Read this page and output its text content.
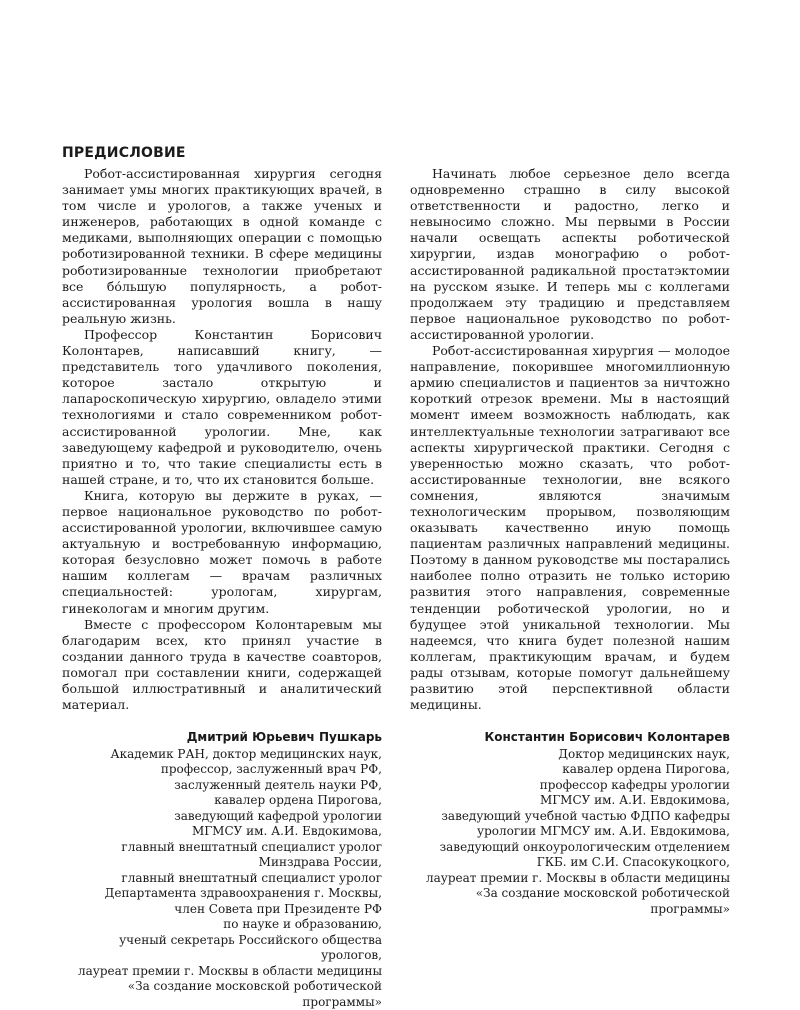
ПРЕДИСЛОВИЕ

Робот-ассистированная хирургия сегодня занимает умы многих практикующих врачей, в том числе и урологов, а также ученых и инженеров, работающих в одной команде с медиками, выполняющих операции с помощью роботизированной техники. В сфере медицины роботизированные технологии приобретают все бо́льшую популярность, а робот-ассистированная урология вошла в нашу реальную жизнь.

Профессор Константин Борисович Колонтарев, написавший книгу, — представитель того удачливого поколения, которое застало открытую и лапароскопическую хирургию, овладело этими технологиями и стало современником робот-ассистированной урологии. Мне, как заведующему кафедрой и руководителю, очень приятно и то, что такие специалисты есть в нашей стране, и то, что их становится больше.

Книга, которую вы держите в руках, — первое национальное руководство по робот-ассистированной урологии, включившее самую актуальную и востребованную информацию, которая безусловно может помочь в работе нашим коллегам — врачам различных специальностей: урологам, хирургам, гинекологам и многим другим.

Вместе с профессором Колонтаревым мы благодарим всех, кто принял участие в создании данного труда в качестве соавторов, помогал при составлении книги, содержащей большой иллюстративный и аналитический материал.

Дмитрий Юрьевич Пушкарь
Академик РАН, доктор медицинских наук,
профессор, заслуженный врач РФ,
заслуженный деятель науки РФ,
кавалер ордена Пирогова,
заведующий кафедрой урологии
МГМСУ им. А.И. Евдокимова,
главный внештатный специалист уролог
Минздрава России,
главный внештатный специалист уролог
Департамента здравоохранения г. Москвы,
член Совета при Президенте РФ
по науке и образованию,
ученый секретарь Российского общества урологов,
лауреат премии г. Москвы в области медицины
«За создание московской роботической программы»

Начинать любое серьезное дело всегда одновременно страшно в силу высокой ответственности и радостно, легко и невыносимо сложно. Мы первыми в России начали освещать аспекты роботической хирургии, издав монографию о робот-ассистированной радикальной простатэктомии на русском языке. И теперь мы с коллегами продолжаем эту традицию и представляем первое национальное руководство по робот-ассистированной урологии.

Робот-ассистированная хирургия — молодое направление, покорившее многомиллионную армию специалистов и пациентов за ничтожно короткий отрезок времени. Мы в настоящий момент имеем возможность наблюдать, как интеллектуальные технологии затрагивают все аспекты хирургической практики. Сегодня с уверенностью можно сказать, что робот-ассистированные технологии, вне всякого сомнения, являются значимым технологическим прорывом, позволяющим оказывать качественно иную помощь пациентам различных направлений медицины. Поэтому в данном руководстве мы постарались наиболее полно отразить не только историю развития этого направления, современные тенденции роботической урологии, но и будущее этой уникальной технологии. Мы надеемся, что книга будет полезной нашим коллегам, практикующим врачам, и будем рады отзывам, которые помогут дальнейшему развитию этой перспективной области медицины.

Константин Борисович Колонтарев
Доктор медицинских наук,
кавалер ордена Пирогова,
профессор кафедры урологии
МГМСУ им. А.И. Евдокимова,
заведующий учебной частью ФДПО кафедры урологии МГМСУ им. А.И. Евдокимова,
заведующий онкоурологическим отделением
ГКБ. им С.И. Спасокукоцкого,
лауреат премии г. Москвы в области медицины
«За создание московской роботической программы»
